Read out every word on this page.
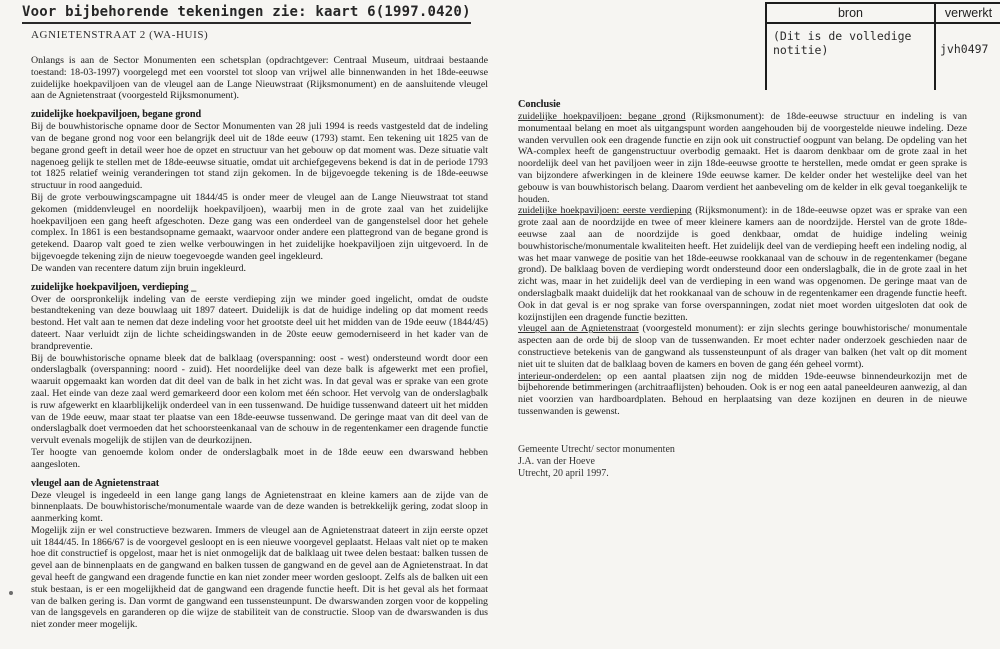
Voor bijbehorende tekeningen zie: kaart 6(1997.0420)	bron
(Dit is de volledige notitie)
verwerkt
jvh0497
AGNIETENSTRAAT 2 (WA-HUIS)

Onlangs is aan de Sector Monumenten een schetsplan (opdrachtgever: Centraal Museum, uitdraai bestaande toestand: 18-03-1997) voorgelegd met een voorstel tot sloop van vrijwel alle binnenwanden in het 18de-eeuwse zuidelijke hoekpaviljoen van de vleugel aan de Lange Nieuwstraat (Rijksmonument) en de aansluitende vleugel aan de Agnietenstraat (voorgesteld Rijksmonument).

zuidelijke hoekpaviljoen, begane grond

Bij de bouwhistorische opname door de Sector Monumenten van 28 juli 1994 is reeds vastgesteld dat de indeling van de begane grond nog voor een belangrijk deel uit de 18de eeuw (1793) stamt. Een tekening uit 1825 van de begane grond geeft in detail weer hoe de opzet en structuur van het gebouw op dat moment was. Deze situatie valt nagenoeg gelijk te stellen met de 18de-eeuwse situatie, omdat uit archiefgegevens bekend is dat in de periode 1793 tot 1825 relatief weinig veranderingen tot stand zijn gekomen. In de bijgevoegde tekening is de 18de-eeuwse structuur in rood aangeduid.

Bij de grote verbouwingscampagne uit 1844/45 is onder meer de vleugel aan de Lange Nieuwstraat tot stand gekomen (middenvleugel en noordelijk hoekpaviljoen), waarbij men in de grote zaal van het zuidelijke hoekpaviljoen een gang heeft afgeschoten. Deze gang was een onderdeel van de gangenstelsel door het gehele complex. In 1861 is een bestandsopname gemaakt, waarvoor onder andere een plattegrond van de begane grond is getekend. Daarop valt goed te zien welke verbouwingen in het zuidelijke hoekpaviljoen zijn uitgevoerd. In de bijgevoegde tekening zijn de nieuw toegevoegde wanden geel ingekleurd.

De wanden van recentere datum zijn bruin ingekleurd.

zuidelijke hoekpaviljoen, verdieping _

Over de oorspronkelijk indeling van de eerste verdieping zijn we minder goed ingelicht, omdat de oudste bestandtekening van deze bouwlaag uit 1897 dateert. Duidelijk is dat de huidige indeling op dat moment reeds bestond. Het valt aan te nemen dat deze indeling voor het grootste deel uit het midden van de 19de eeuw (1844/45) dateert. Naar verluidt zijn de lichte scheidingswanden in de 20ste eeuw gemoderniseerd in het kader van de brandpreventie.

Bij de bouwhistorische opname bleek dat de balklaag (overspanning: oost - west) ondersteund wordt door een onderslagbalk (overspanning: noord - zuid). Het noordelijke deel van deze balk is afgewerkt met een profiel, waaruit opgemaakt kan worden dat dit deel van de balk in het zicht was. In dat geval was er sprake van een grote zaal. Het einde van deze zaal werd gemarkeerd door een kolom met één schoor. Het vervolg van de onderslagbalk is ruw afgewerkt en klaarblijkelijk onderdeel van in een tussenwand. De huidige tussenwand dateert uit het midden van de 19de eeuw, maar staat ter plaatse van een 18de-eeuwse tussenwand. De geringe maat van dit deel van de onderslagbalk doet vermoeden dat het schoorsteenkanaal van de schouw in de regentenkamer een dragende functie vervult evenals mogelijk de stijlen van de deurkozijnen.

Ter hoogte van genoemde kolom onder de onderslagbalk moet in de 18de eeuw een dwarswand hebben aangesloten.

vleugel aan de Agnietenstraat

Deze vleugel is ingedeeld in een lange gang langs de Agnietenstraat en kleine kamers aan de zijde van de binnenplaats. De bouwhistorische/monumentale waarde van de deze wanden is betrekkelijk gering, zodat sloop in aanmerking komt.

Mogelijk zijn er wel constructieve bezwaren. Immers de vleugel aan de Agnietenstraat dateert in zijn eerste opzet uit 1844/45. In 1866/67 is de voorgevel gesloopt en is een nieuwe voorgevel geplaatst. Helaas valt niet op te maken hoe dit constructief is opgelost, maar het is niet onmogelijk dat de balklaag uit twee delen bestaat: balken tussen de gevel aan de binnenplaats en de gangwand en balken tussen de gangwand en de gevel aan de Agnietenstraat. In dat geval heeft de gangwand een dragende functie en kan niet zonder meer worden gesloopt. Zelfs als de balken uit een stuk bestaan, is er een mogelijkheid dat de gangwand een dragende functie heeft. Dit is het geval als het formaat van de balken gering is. Dan vormt de gangwand een tussensteunpunt. De dwarswanden zorgen voor de koppeling van de langsgevels en garanderen op die wijze de stabiliteit van de constructie. Sloop van de dwarswanden is dus niet zonder meer mogelijk.

Conclusie

zuidelijke hoekpaviljoen: begane grond (Rijksmonument): de 18de-eeuwse structuur en indeling is van monumentaal belang en moet als uitgangspunt worden aangehouden bij de voorgestelde nieuwe indeling. Deze wanden vervullen ook een dragende functie en zijn ook uit constructief oogpunt van belang. De opdeling van het WA-complex heeft de gangenstructuur overbodig gemaakt. Het is daarom denkbaar om de grote zaal in het noordelijk deel van het paviljoen weer in zijn 18de-eeuwse grootte te herstellen, mede omdat er geen sprake is van bijzondere afwerkingen in de kleinere 19de eeuwse kamer. De kelder onder het westelijke deel van het gebouw is van bouwhistorisch belang. Daarom verdient het aanbeveling om de kelder in elk geval toegankelijk te houden.

zuidelijke hoekpaviljoen: eerste verdieping (Rijksmonument): in de 18de-eeuwse opzet was er sprake van een grote zaal aan de noordzijde en twee of meer kleinere kamers aan de noordzijde. Herstel van de grote 18de-eeuwse zaal aan de noordzijde is goed denkbaar, omdat de huidige indeling weinig bouwhistorische/monumentale kwaliteiten heeft. Het zuidelijk deel van de verdieping heeft een indeling nodig, al was het maar vanwege de positie van het 18de-eeuwse rookkanaal van de schouw in de regentenkamer (begane grond). De balklaag boven de verdieping wordt ondersteund door een onderslagbalk, die in de grote zaal in het zicht was, maar in het zuidelijk deel van de verdieping in een wand was opgenomen. De geringe maat van de onderslagbalk maakt duidelijk dat het rookkanaal van de schouw in de regentenkamer een dragende functie heeft. Ook in dat geval is er nog sprake van forse overspanningen, zodat niet moet worden uitgesloten dat ook de kozijnstijlen een dragende functie bezitten.

vleugel aan de Agnietenstraat (voorgesteld monument): er zijn slechts geringe bouwhistorische/ monumentale aspecten aan de orde bij de sloop van de tussenwanden. Er moet echter nader onderzoek geschieden naar de constructieve betekenis van de gangwand als tussensteunpunt of als drager van balken (het valt op dit moment niet uit te sluiten dat de balklaag boven de kamers en boven de gang één geheel vormt).

interieur-onderdelen: op een aantal plaatsen zijn nog de midden 19de-eeuwse binnendeurkozijn met de bijbehorende betimmeringen (architraaflijsten) behouden. Ook is er nog een aatal paneeldeuren aanwezig, al dan niet voorzien van hardboardplaten. Behoud en herplaatsing van deze kozijnen en deuren in de nieuwe tussenwanden is gewenst.

Gemeente Utrecht/ sector monumenten
J.A. van der Hoeve
Utrecht, 20 april 1997.
